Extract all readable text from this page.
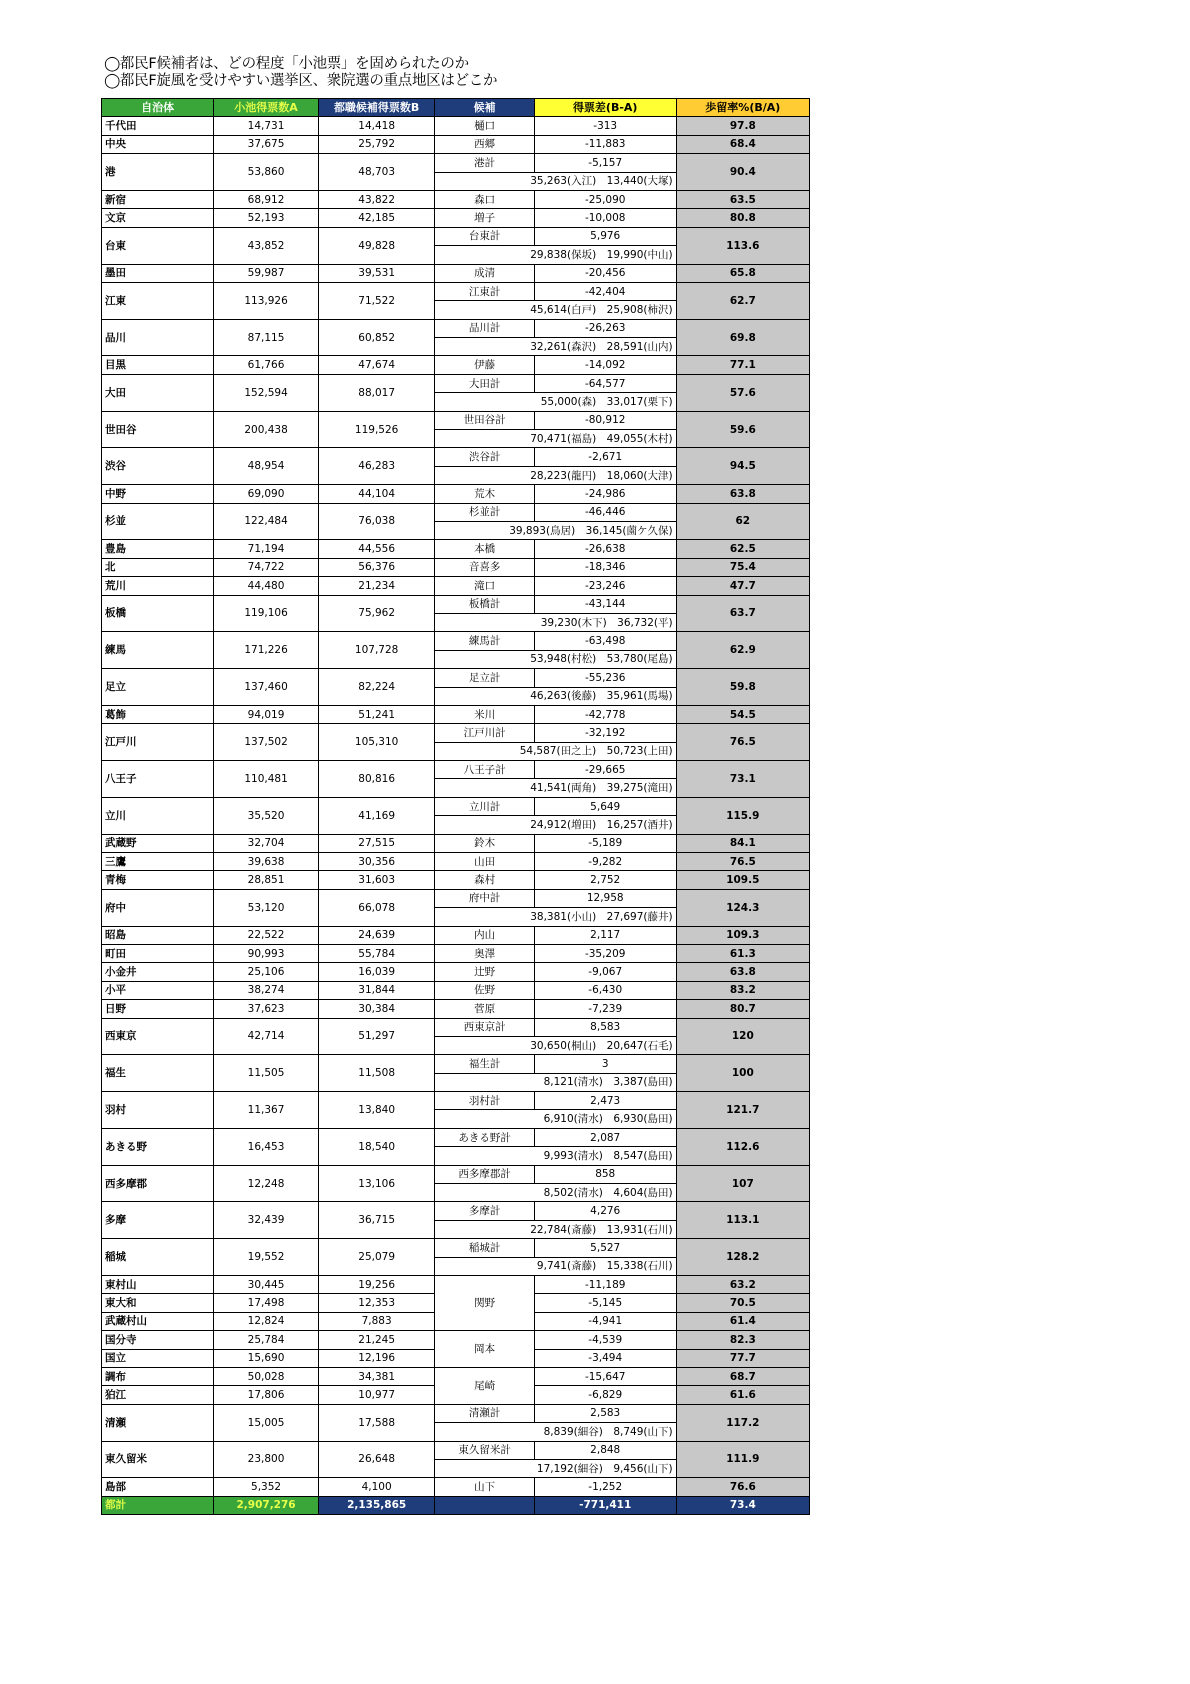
◯都民F候補者は、どの程度「小池票」を固められたのか
◯都民F旋風を受けやすい選挙区、衆院選の重点地区はどこか
自治体	小池得票数A	都職候補得票数B	候補	得票差(B-A)	歩留率%(B/A)
千代田	14,731	14,418	樋口	-313	97.8
中央	37,675	25,792	西郷	-11,883	68.4
港	53,860	48,703	港計	-5,157	90.4
			35,263(入江)　13,440(大塚)		
新宿	68,912	43,822	森口	-25,090	63.5
文京	52,193	42,185	増子	-10,008	80.8
台東	43,852	49,828	台東計	5,976	113.6
			29,838(保坂)　19,990(中山)		
墨田	59,987	39,531	成清	-20,456	65.8
江東	113,926	71,522	江東計	-42,404	62.7
			45,614(白戸)　25,908(柿沢)		
品川	87,115	60,852	品川計	-26,263	69.8
			32,261(森沢)　28,591(山内)		
目黒	61,766	47,674	伊藤	-14,092	77.1
大田	152,594	88,017	大田計	-64,577	57.6
			55,000(森)　33,017(栗下)		
世田谷	200,438	119,526	世田谷計	-80,912	59.6
			70,471(福島)　49,055(木村)		
渋谷	48,954	46,283	渋谷計	-2,671	94.5
			28,223(龍円)　18,060(大津)		
中野	69,090	44,104	荒木	-24,986	63.8
杉並	122,484	76,038	杉並計	-46,446	62
			39,893(鳥居)　36,145(薗ケ久保)		
豊島	71,194	44,556	本橋	-26,638	62.5
北	74,722	56,376	音喜多	-18,346	75.4
荒川	44,480	21,234	滝口	-23,246	47.7
板橋	119,106	75,962	板橋計	-43,144	63.7
			39,230(木下)　36,732(平)		
練馬	171,226	107,728	練馬計	-63,498	62.9
			53,948(村松)　53,780(尾島)		
足立	137,460	82,224	足立計	-55,236	59.8
			46,263(後藤)　35,961(馬場)		
葛飾	94,019	51,241	米川	-42,778	54.5
江戸川	137,502	105,310	江戸川計	-32,192	76.5
			54,587(田之上)　50,723(上田)		
八王子	110,481	80,816	八王子計	-29,665	73.1
			41,541(両角)　39,275(滝田)		
立川	35,520	41,169	立川計	5,649	115.9
			24,912(増田)　16,257(酒井)		
武蔵野	32,704	27,515	鈴木	-5,189	84.1
三鷹	39,638	30,356	山田	-9,282	76.5
青梅	28,851	31,603	森村	2,752	109.5
府中	53,120	66,078	府中計	12,958	124.3
			38,381(小山)　27,697(藤井)		
昭島	22,522	24,639	内山	2,117	109.3
町田	90,993	55,784	奥澤	-35,209	61.3
小金井	25,106	16,039	辻野	-9,067	63.8
小平	38,274	31,844	佐野	-6,430	83.2
日野	37,623	30,384	菅原	-7,239	80.7
西東京	42,714	51,297	西東京計	8,583	120
			30,650(桐山)　20,647(石毛)		
福生	11,505	11,508	福生計	3	100
			8,121(清水)　3,387(島田)		
羽村	11,367	13,840	羽村計	2,473	121.7
			6,910(清水)　6,930(島田)		
あきる野	16,453	18,540	あきる野計	2,087	112.6
			9,993(清水)　8,547(島田)		
西多摩郡	12,248	13,106	西多摩郡計	858	107
			8,502(清水)　4,604(島田)		
多摩	32,439	36,715	多摩計	4,276	113.1
			22,784(斎藤)　13,931(石川)		
稲城	19,552	25,079	稲城計	5,527	128.2
			9,741(斎藤)　15,338(石川)		
東村山	30,445	19,256	関野	-11,189	63.2
東大和	17,498	12,353		-5,145	70.5
武蔵村山	12,824	7,883		-4,941	61.4
国分寺	25,784	21,245	岡本	-4,539	82.3
国立	15,690	12,196		-3,494	77.7
調布	50,028	34,381	尾崎	-15,647	68.7
狛江	17,806	10,977		-6,829	61.6
清瀬	15,005	17,588	清瀬計	2,583	117.2
			8,839(細谷)　8,749(山下)		
東久留米	23,800	26,648	東久留米計	2,848	111.9
			17,192(細谷)　9,456(山下)		
島部	5,352	4,100	山下	-1,252	76.6
都計	2,907,276	2,135,865		-771,411	73.4
